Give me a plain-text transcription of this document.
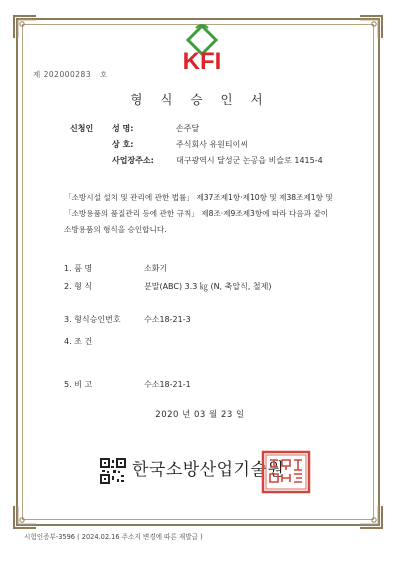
KFI
제 202000283 호
형 식 승 인 서
신청인 성 명:	손주달
상 호:	주식회사 유원티이씨
사업장주소:	대구광역시 달성군 논공읍 비슬로 1415-4
「소방시설 설치 및 관리에 관한 법률」 제37조제1항·제10항 및 제38조제1항 및「소방용품의 품질관리 등에 관한 규칙」 제8조·제9조제3항에 따라 다음과 같이 소방용품의 형식을 승인합니다.
1. 품 명	소화기
2. 형 식	분말(ABC) 3.3 ㎏ (N, 축압식, 철제)
3. 형식승인번호	수소18-21-3
4. 조 건
5. 비 고	수소18-21-1
2020 년 03 월 23 일
한국소방산업기술원
시험인증부-3596 ( 2024.02.16 주소지 변경에 따른 재발급 )
